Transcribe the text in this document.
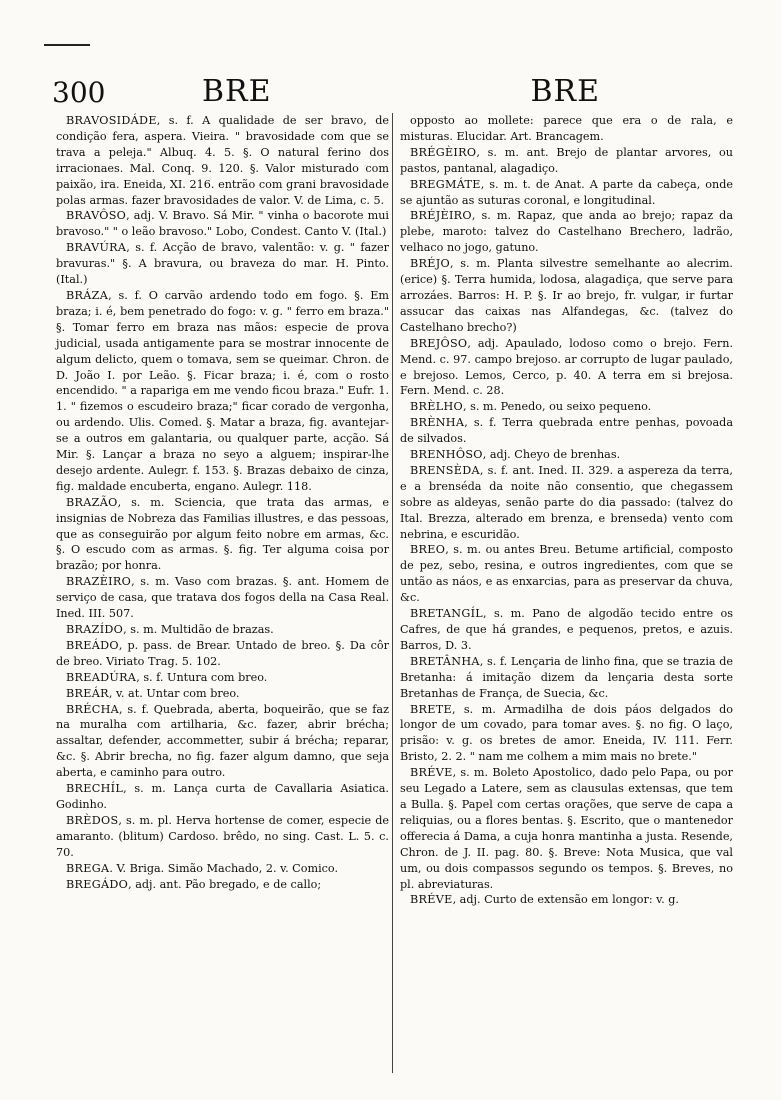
300	BRE	BRE

BRAVOSIDÁDE, s. f. A qualidade de ser bravo, de condição fera, aspera. Vieira. " bravosidade com que se trava a peleja." Albuq. 4. 5. §. O natural ferino dos irracionaes. Mal. Conq. 9. 120. §. Valor misturado com paixão, ira. Eneida, XI. 216. entrão com grani bravosidade polas armas. fazer bravosidades de valor. V. de Lima, c. 5.

BRAVÔSO, adj. V. Bravo. Sá Mir. " vinha o bacorote mui bravoso." " o leão bravoso." Lobo, Condest. Canto V. (Ital.)

BRAVÚRA, s. f. Acção de bravo, valentão: v. g. " fazer bravuras." §. A bravura, ou braveza do mar. H. Pinto. (Ital.)

BRÁZA, s. f. O carvão ardendo todo em fogo. §. Em braza; i. é, bem penetrado do fogo: v. g. " ferro em braza." §. Tomar ferro em braza nas mãos: especie de prova judicial, usada antigamente para se mostrar innocente de algum delicto, quem o tomava, sem se queimar. Chron. de D. João I. por Leão. §. Ficar braza; i. é, com o rosto encendido. " a rapariga em me vendo ficou braza." Eufr. 1. 1. " fizemos o escudeiro braza;" ficar corado de vergonha, ou ardendo. Ulis. Comed. §. Matar a braza, fig. avantejar-se a outros em galantaria, ou qualquer parte, acção. Sá Mir. §. Lançar a braza no seyo a alguem; inspirar-lhe desejo ardente. Aulegr. f. 153. §. Brazas debaixo de cinza, fig. maldade encuberta, engano. Aulegr. 118.

BRAZÃO, s. m. Sciencia, que trata das armas, e insignias de Nobreza das Familias illustres, e das pessoas, que as conseguirão por algum feito nobre em armas, &c. §. O escudo com as armas. §. fig. Ter alguma coisa por brazão; por honra.

BRAZÈIRO, s. m. Vaso com brazas. §. ant. Homem de serviço de casa, que tratava dos fogos della na Casa Real. Ined. III. 507.

BRAZÍDO, s. m. Multidão de brazas.

BREÁDO, p. pass. de Brear. Untado de breo. §. Da côr de breo. Viriato Trag. 5. 102.

BREADÚRA, s. f. Untura com breo.

BREÁR, v. at. Untar com breo.

BRÉCHA, s. f. Quebrada, aberta, boqueirão, que se faz na muralha com artilharia, &c. fazer, abrir brécha; assaltar, defender, accommetter, subir á brécha; reparar, &c. §. Abrir brecha, no fig. fazer algum damno, que seja aberta, e caminho para outro.

BRECHÍL, s. m. Lança curta de Cavallaria Asiatica. Godinho.

BRÈDOS, s. m. pl. Herva hortense de comer, especie de amaranto. (blitum) Cardoso. brêdo, no sing. Cast. L. 5. c. 70.

BREGA. V. Briga. Simão Machado, 2. v. Comico.

BREGÁDO, adj. ant. Pão bregado, e de callo;

opposto ao mollete: parece que era o de rala, e misturas. Elucidar. Art. Brancagem.

BRÉGÈIRO, s. m. ant. Brejo de plantar arvores, ou pastos, pantanal, alagadiço.

BREGMÁTE, s. m. t. de Anat. A parte da cabeça, onde se ajuntão as suturas coronal, e longitudinal.

BRÉJÈIRO, s. m. Rapaz, que anda ao brejo; rapaz da plebe, maroto: talvez do Castelhano Brechero, ladrão, velhaco no jogo, gatuno.

BRÉJO, s. m. Planta silvestre semelhante ao alecrim. (erice) §. Terra humida, lodosa, alagadiça, que serve para arrozáes. Barros: H. P. §. Ir ao brejo, fr. vulgar, ir furtar assucar das caixas nas Alfandegas, &c. (talvez do Castelhano brecho?)

BREJÔSO, adj. Apaulado, lodoso como o brejo. Fern. Mend. c. 97. campo brejoso. ar corrupto de lugar paulado, e brejoso. Lemos, Cerco, p. 40. A terra em si brejosa. Fern. Mend. c. 28.

BRÈLHO, s. m. Penedo, ou seixo pequeno.

BRÈNHA, s. f. Terra quebrada entre penhas, povoada de silvados.

BRENHÔSO, adj. Cheyo de brenhas.

BRENSÈDA, s. f. ant. Ined. II. 329. a aspereza da terra, e a brenséda da noite não consentio, que chegassem sobre as aldeyas, senão parte do dia passado: (talvez do Ital. Brezza, alterado em brenza, e brenseda) vento com nebrina, e escuridão.

BREO, s. m. ou antes Breu. Betume artificial, composto de pez, sebo, resina, e outros ingredientes, com que se untão as náos, e as enxarcias, para as preservar da chuva, &c.

BRETANGÍL, s. m. Pano de algodão tecido entre os Cafres, de que há grandes, e pequenos, pretos, e azuis. Barros, D. 3.

BRETÂNHA, s. f. Lençaria de linho fina, que se trazia de Bretanha: á imitação dizem da lençaria desta sorte Bretanhas de França, de Suecia, &c.

BRETE, s. m. Armadilha de dois páos delgados do longor de um covado, para tomar aves. §. no fig. O laço, prisão: v. g. os bretes de amor. Eneida, IV. 111. Ferr. Bristo, 2. 2. " nam me colhem a mim mais no brete."

BRÉVE, s. m. Boleto Apostolico, dado pelo Papa, ou por seu Legado a Latere, sem as clausulas extensas, que tem a Bulla. §. Papel com certas orações, que serve de capa a reliquias, ou a flores bentas. §. Escrito, que o mantenedor offerecia á Dama, a cuja honra mantinha a justa. Resende, Chron. de J. II. pag. 80. §. Breve: Nota Musica, que val um, ou dois compassos segundo os tempos. §. Breves, no pl. abreviaturas.

BRÉVE, adj. Curto de extensão em longor: v. g.
